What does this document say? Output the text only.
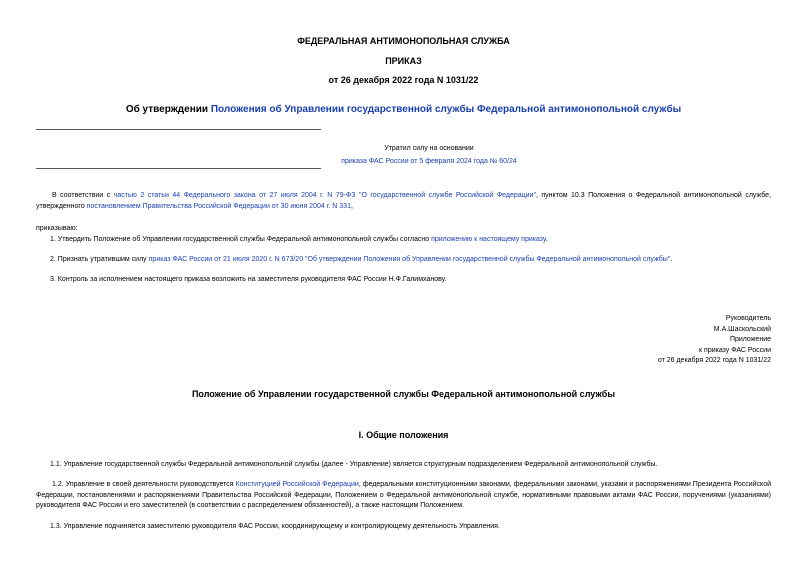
ФЕДЕРАЛЬНАЯ АНТИМОНОПОЛЬНАЯ СЛУЖБА
ПРИКАЗ
от 26 декабря 2022 года N 1031/22
Об утверждении Положения об Управлении государственной службы Федеральной антимонопольной службы
Утратил силу на основании
приказа ФАС России от 5 февраля 2024 года № 60/24
В соответствии с частью 2 статьи 44 Федерального закона от 27 июля 2004 г. N 79-ФЗ "О государственной службе Российской Федерации", пунктом 10.3 Положения о Федеральной антимонопольной службе, утвержденного постановлением Правительства Российской Федерации от 30 июня 2004 г. N 331,
приказываю:
1. Утвердить Положение об Управлении государственной службы Федеральной антимонопольной службы согласно приложению к настоящему приказу.
2. Признать утратившим силу приказ ФАС России от 21 июля 2020 г. N 673/20 "Об утверждении Положения об Управлении государственной службы Федеральной антимонопольной службы".
3. Контроль за исполнением настоящего приказа возложить на заместителя руководителя ФАС России Н.Ф.Галимханову.
Руководитель
М.А.Шаскольский
Приложение
к приказу ФАС России
от 26 декабря 2022 года N 1031/22
Положение об Управлении государственной службы Федеральной антимонопольной службы
I. Общие положения
1.1. Управление государственной службы Федеральной антимонопольной службы (далее - Управление) является структурным подразделением Федеральной антимонопольной службы.
1.2. Управление в своей деятельности руководствуется Конституцией Российской Федерации, федеральными конституционными законами, федеральными законами, указами и распоряжениями Президента Российской Федерации, постановлениями и распоряжениями Правительства Российской Федерации, Положением о Федеральной антимонопольной службе, нормативными правовыми актами ФАС России, поручениями (указаниями) руководителя ФАС России и его заместителей (в соответствии с распределением обязанностей), а также настоящим Положением.
1.3. Управление подчиняется заместителю руководителя ФАС России, координирующему и контролирующему деятельность Управления.
